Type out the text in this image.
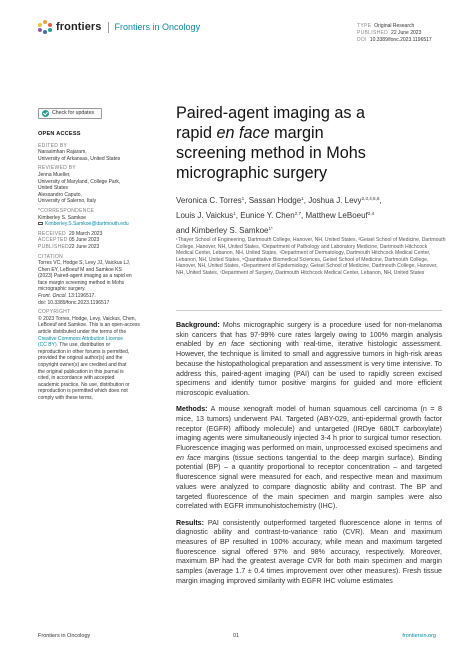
frontiers Frontiers in Oncology	TYPE Original Research
PUBLISHED 22 June 2023
DOI 10.3389/fonc.2023.1196517
Check for updates
OPEN ACCESS
EDITED BY
Narasimhan Rajaram,
University of Arkansas, United States
REVIEWED BY
Jenna Mueller,
University of Maryland, College Park,
United States
Alessandro Caputo,
University of Salerno, Italy
*CORRESPONDENCE
Kimberley S. Samkoe
Kimberley.S.Samkoe@dartmouth.edu
RECEIVED 29 March 2023
ACCEPTED05 June 2023
PUBLISHED22 June 2023
CITATION
Torres VC, Hodge S, Levy JJ, Vaickus LJ,
Chen EY, LeBoeuf M and Samkoe KS
(2023) Paired-agent imaging as a rapid en
face margin screening method in Mohs
micrographic surgery.
Front. Oncol. 13:1196517.
doi: 10.3389/fonc.2023.1196517
COPYRIGHT
© 2023 Torres, Hodge, Levy, Vaickus, Chen,
LeBoeuf and Samkoe. This is an open-access
article distributed under the terms of the
Creative Commons Attribution License
(CC BY). The use, distribution or
reproduction in other forums is permitted,
provided the original author(s) and the
copyright owner(s) are credited and that
the original publication in this journal is
cited, in accordance with accepted
academic practice. No use, distribution or
reproduction is permitted which does not
comply with these terms.
Paired-agent imaging as a
rapid en face margin
screening method in Mohs
micrographic surgery
Veronica C. Torres$^1$, Sassan Hodge$^1$, Joshua J. Levy$^{2,3,4,5,6}$,
Louis J. Vaickus$^1$, Eunice Y. Chen$^{2,7}$, Matthew LeBoeuf$^{2,4}$
and Kimberley S. Samkoe$^{1*}$
¹Thayer School of Engineering, Dartmouth College, Hanover, NH, United States, ²Geisel School of Medicine, Dartmouth College, Hanover, NH, United States, ³Department of Pathology and Laboratory Medicine, Dartmouth Hitchcock Medical Center, Lebanon, NH, United States, ⁴Department of Dermatology, Dartmouth Hitchcock Medical Center, Lebanon, NH, United States, ⁵Quantitative Biomedical Sciences, Geisel School of Medicine, Dartmouth College, Hanover, NH, United States, ⁶Department of Epidemiology, Geisel School of Medicine, Dartmouth College, Hanover, NH, United States, ⁷Department of Surgery, Dartmouth Hitchcock Medical Center, Lebanon, NH, United States

Background: Mohs micrographic surgery is a procedure used for non-melanoma skin cancers that has 97-99% cure rates largely owing to 100% margin analysis enabled by en face sectioning with real-time, iterative histologic assessment. However, the technique is limited to small and aggressive tumors in high-risk areas because the histopathological preparation and assessment is very time intensive. To address this, paired-agent imaging (PAI) can be used to rapidly screen excised specimens and identify tumor positive margins for guided and more efficient microscopic evaluation.

Methods: A mouse xenograft model of human squamous cell carcinoma (n = 8 mice, 13 tumors) underwent PAI. Targeted (ABY-029, anti-epidermal growth factor receptor (EGFR) affibody molecule) and untargeted (IRDye 680LT carboxylate) imaging agents were simultaneously injected 3-4 h prior to surgical tumor resection. Fluorescence imaging was performed on main, unprocessed excised specimens and en face margins (tissue sections tangential to the deep margin surface). Binding potential (BP) – a quantity proportional to receptor concentration – and targeted fluorescence signal were measured for each, and respective mean and maximum values were analyzed to compare diagnostic ability and contrast. The BP and targeted fluorescence of the main specimen and margin samples were also correlated with EGFR immunohistochemistry (IHC).

Results: PAI consistently outperformed targeted fluorescence alone in terms of diagnostic ability and contrast-to-variance ratio (CVR). Mean and maximum measures of BP resulted in 100% accuracy, while mean and maximum targeted fluorescence signal offered 97% and 98% accuracy, respectively. Moreover, maximum BP had the greatest average CVR for both main specimen and margin samples (average 1.7 ± 0.4 times improvement over other measures). Fresh tissue margin imaging improved similarity with EGFR IHC volume estimates

Frontiers in Oncology	01	frontiersin.org
